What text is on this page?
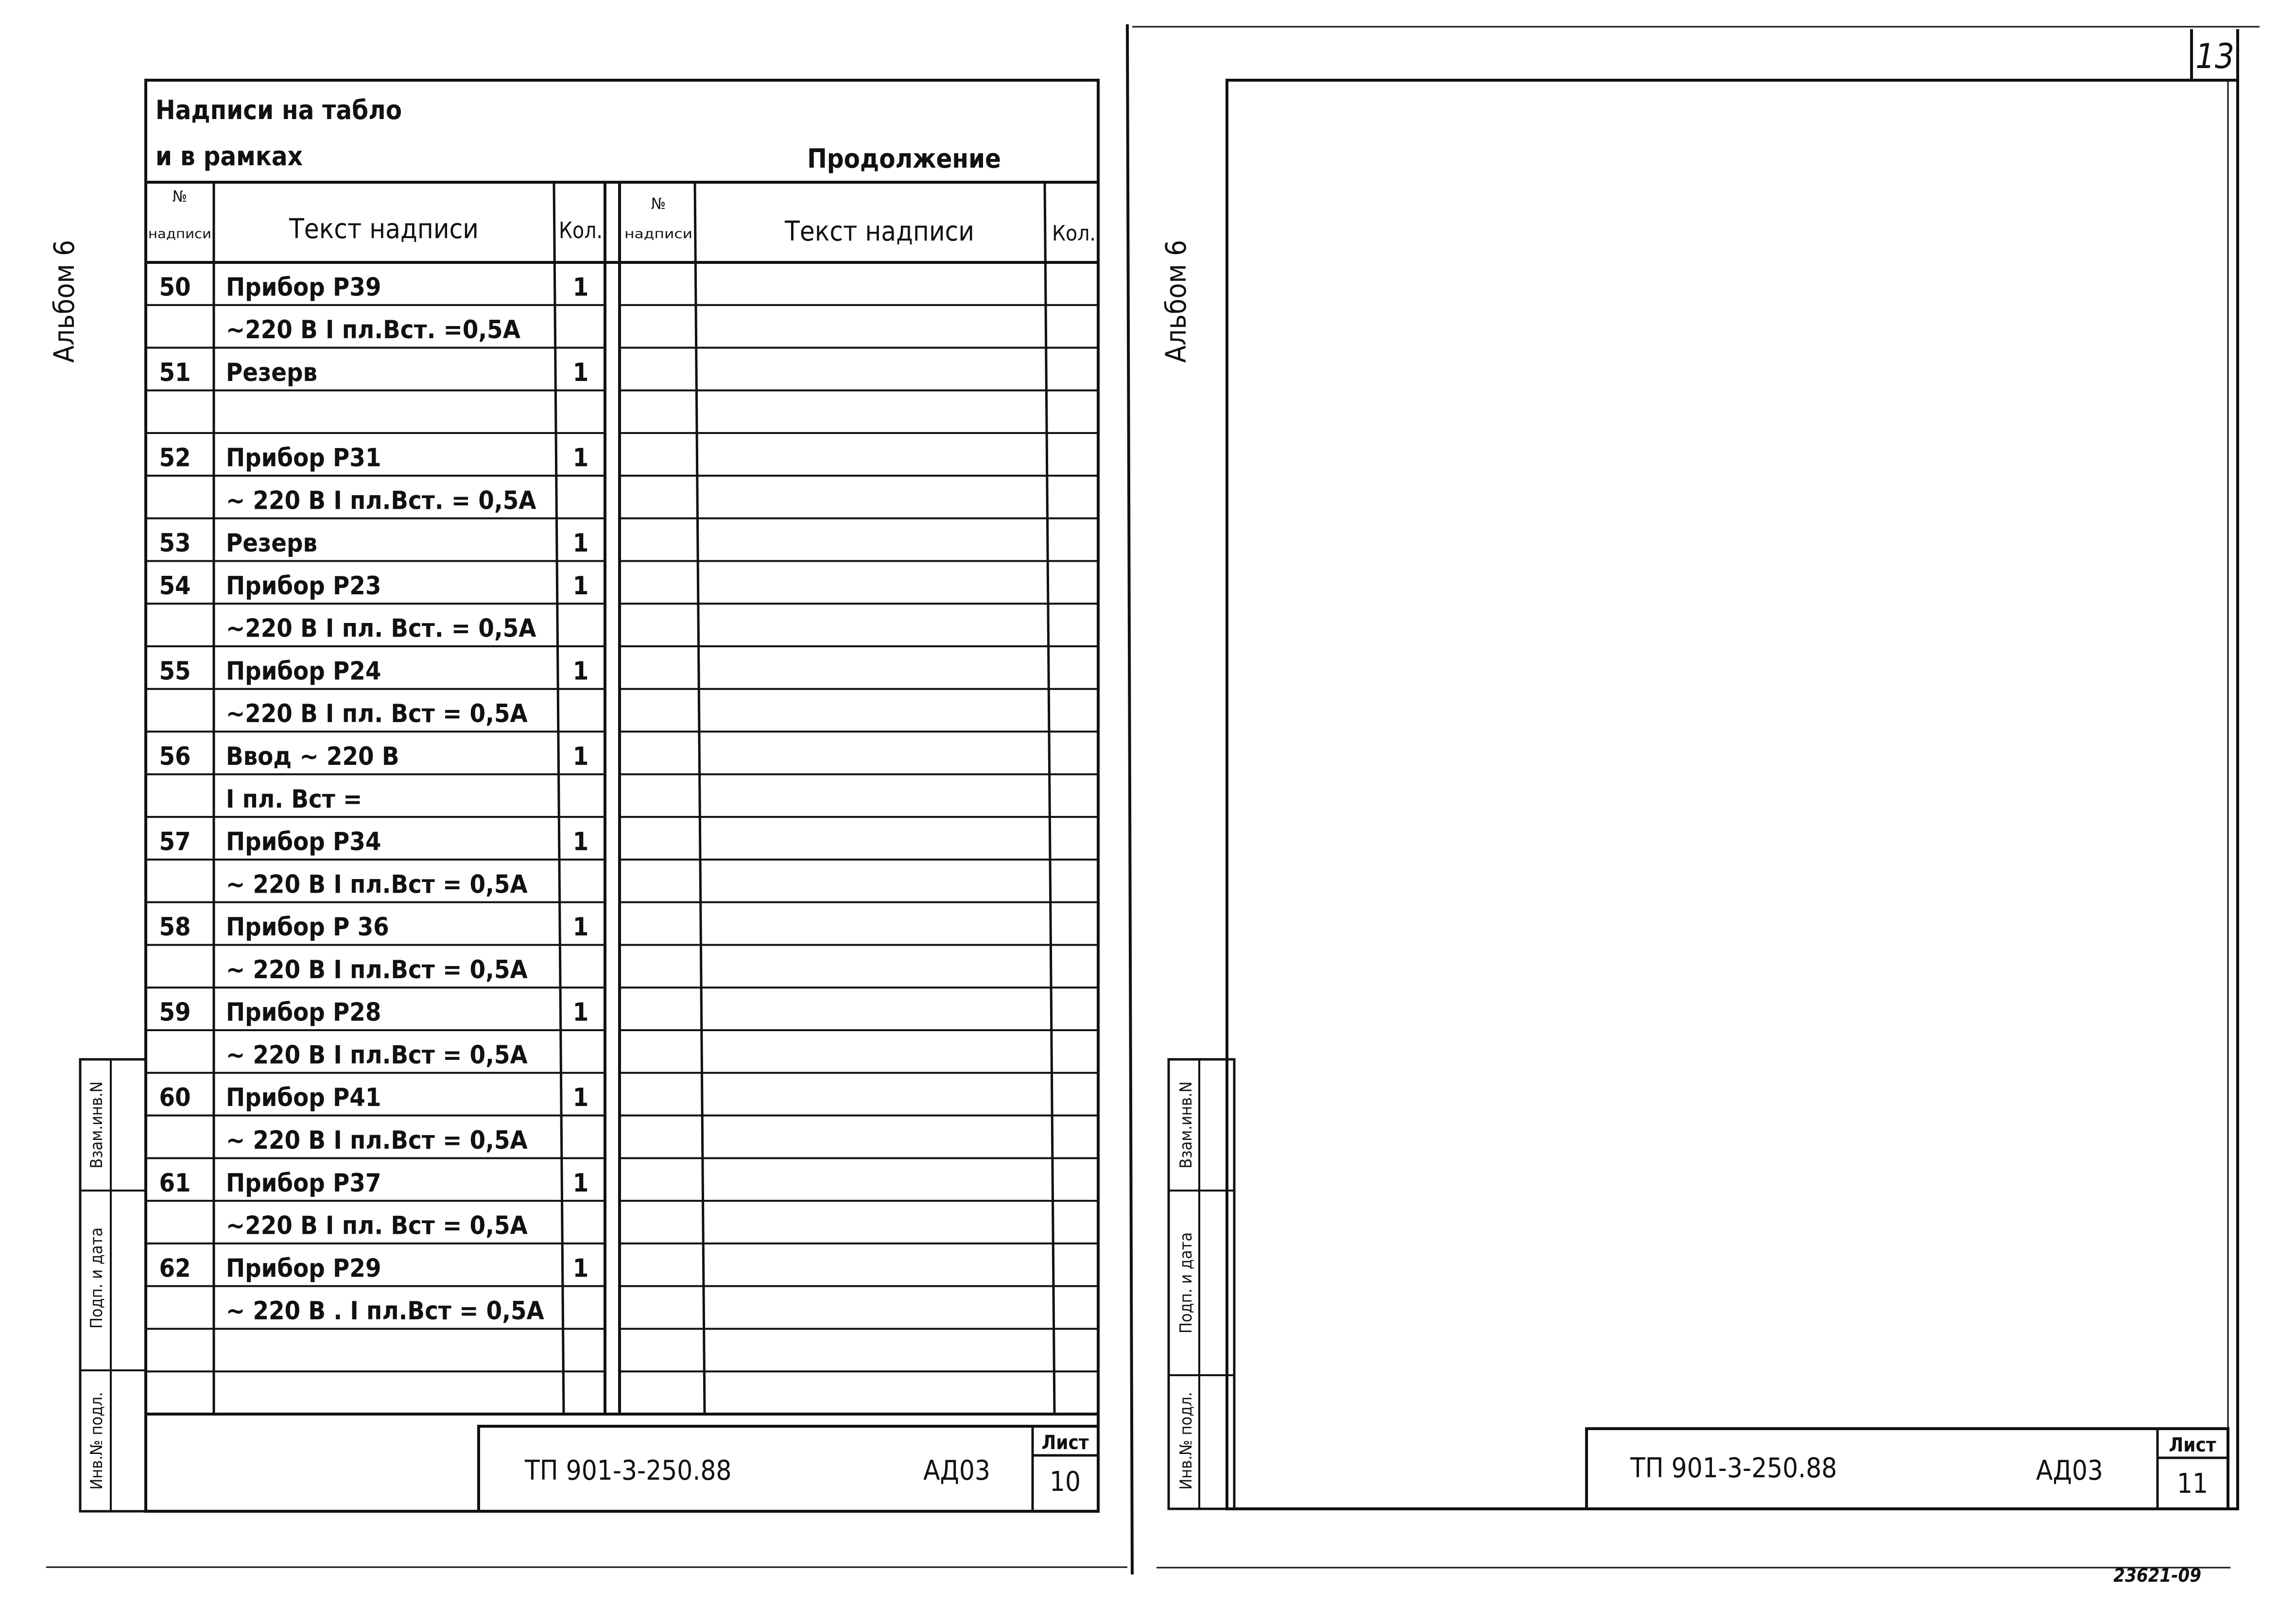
Альбом 6
Надписи на табло
и в рамках	Продолжение
№
надписи	Текст надписи	Кол.
№
надписи	Текст надписи	Кол.
50 Прибор Р39	1
~220 В I пл.Вст. =0,5А
51 Резерв	1
52 Прибор Р31	1
~ 220 В I пл.Вст. = 0,5А
53 Резерв	1
54 Прибор Р23	1
~220 В I пл. Вст. = 0,5А
55 Прибор Р24	1
~220 В I пл. Вст = 0,5А
56 Ввод ~ 220 В	1
I пл. Вст =
57 Прибор Р34	1
~ 220 В I пл.Вст = 0,5А
58 Прибор Р 36	1
~ 220 В I пл.Вст = 0,5А
59 Прибор Р28	1
~ 220 В I пл.Вст = 0,5А
60 Прибор Р41	1
~ 220 В I пл.Вст = 0,5А
61 Прибор Р37	1
~220 В I пл. Вст = 0,5А
62 Прибор Р29	1
~ 220 В . I пл.Вст = 0,5А
Взам.инв.N
Подп. и дата
Инв.№ подл.	ТП 901-3-250.88	АД03
Лист
10
13
Альбом 6
Взам.инв.N
Подп. и дата
Инв.№ подл.	ТП 901-3-250.88	АД03
Лист
11
23621-09
